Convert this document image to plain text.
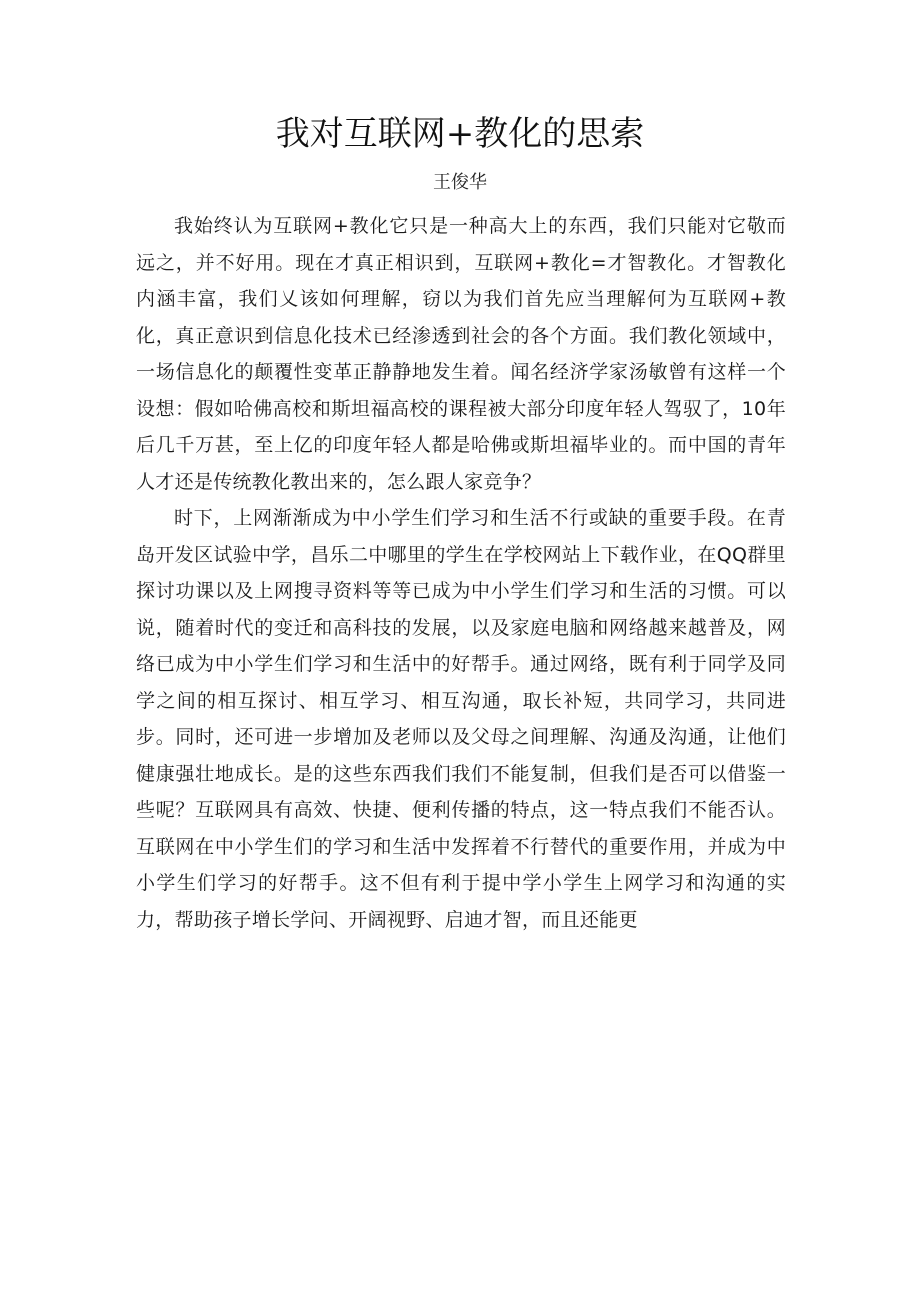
我对互联网+教化的思索
王俊华

我始终认为互联网+教化它只是一种高大上的东西，我们只能对它敬而远之，并不好用。现在才真正相识到，互联网+教化=才智教化。才智教化内涵丰富，我们乂该如何理解，窃以为我们首先应当理解何为互联网+教化，真正意识到信息化技术已经渗透到社会的各个方面。我们教化领域中，一场信息化的颠覆性变革正静静地发生着。闻名经济学家汤敏曾有这样一个设想：假如哈佛高校和斯坦福高校的课程被大部分印度年轻人驾驭了，10年后几千万甚，至上亿的印度年轻人都是哈佛或斯坦福毕业的。而中国的青年人才还是传统教化教出来的，怎么跟人家竞争？

时下，上网渐渐成为中小学生们学习和生活不行或缺的重要手段。在青岛开发区试验中学，昌乐二中哪里的学生在学校网站上下载作业，在QQ群里探讨功课以及上网搜寻资料等等已成为中小学生们学习和生活的习惯。可以说，随着时代的变迁和高科技的发展，以及家庭电脑和网络越来越普及，网络已成为中小学生们学习和生活中的好帮手。通过网络，既有利于同学及同学之间的相互探讨、相互学习、相互沟通，取长补短，共同学习，共同进步。同时，还可进一步增加及老师以及父母之间理解、沟通及沟通，让他们健康强壮地成长。是的这些东西我们我们不能复制，但我们是否可以借鉴一些呢？互联网具有高效、快捷、便利传播的特点，这一特点我们不能否认。互联网在中小学生们的学习和生活中发挥着不行替代的重要作用，并成为中小学生们学习的好帮手。这不但有利于提中学小学生上网学习和沟通的实力，帮助孩子增长学问、开阔视野、启迪才智，而且还能更
